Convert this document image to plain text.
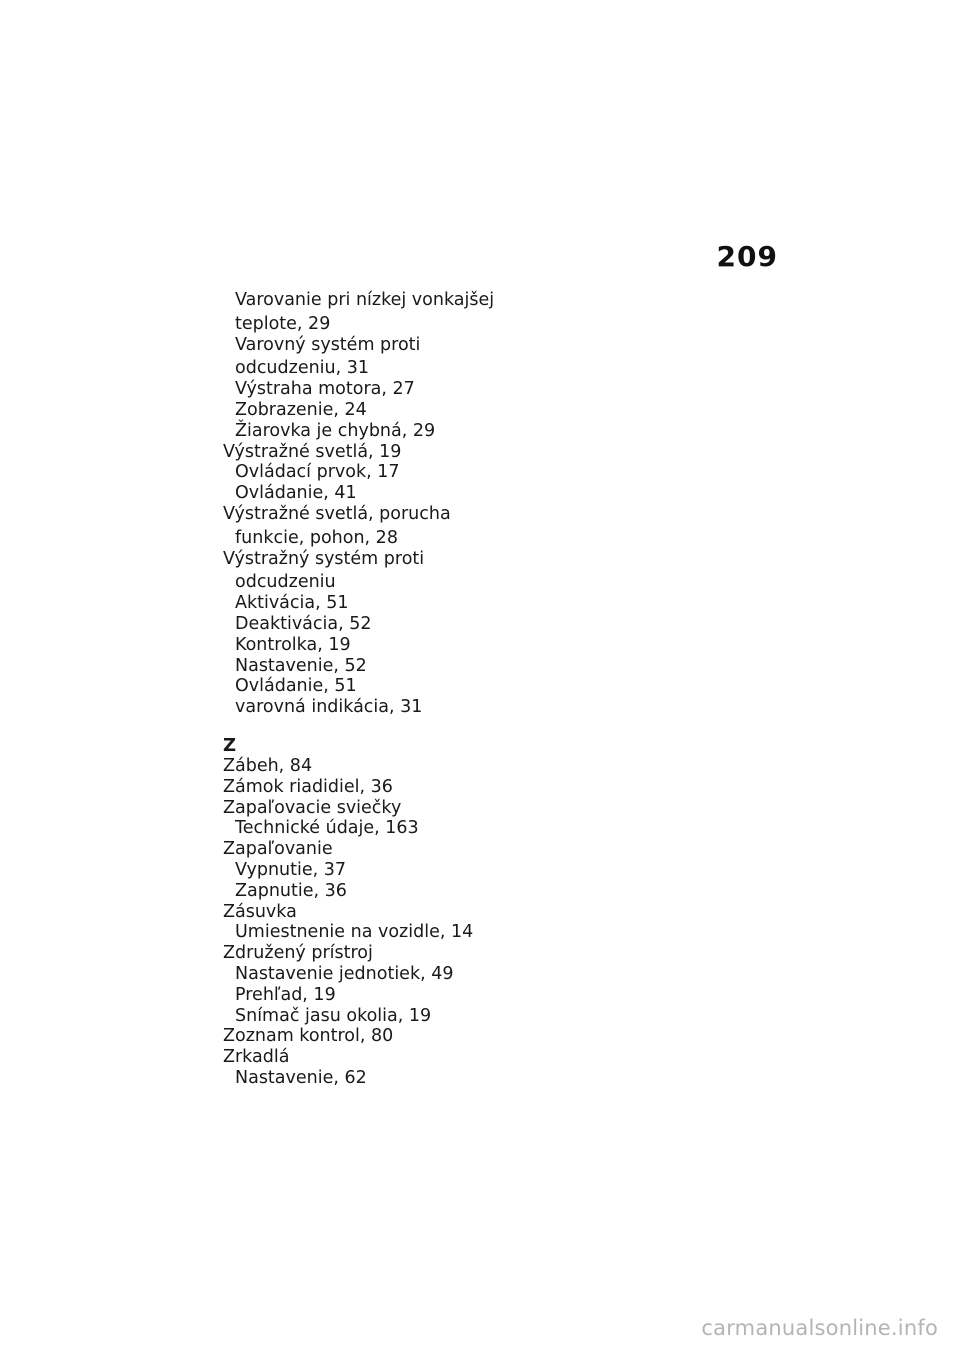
209
Varovanie pri nízkej vonkajšej
teplote, 29
Varovný systém proti
odcudzeniu, 31
Výstraha motora, 27
Zobrazenie, 24
Žiarovka je chybná, 29
Výstražné svetlá, 19
Ovládací prvok, 17
Ovládanie, 41
Výstražné svetlá, porucha
funkcie, pohon, 28
Výstražný systém proti
odcudzeniu
Aktivácia, 51
Deaktivácia, 52
Kontrolka, 19
Nastavenie, 52
Ovládanie, 51
varovná indikácia, 31
Z
Zábeh, 84
Zámok riadidiel, 36
Zapaľovacie sviečky
Technické údaje, 163
Zapaľovanie
Vypnutie, 37
Zapnutie, 36
Zásuvka
Umiestnenie na vozidle, 14
Združený prístroj
Nastavenie jednotiek, 49
Prehľad, 19
Snímač jasu okolia, 19
Zoznam kontrol, 80
Zrkadlá
Nastavenie, 62
carmanualsonline.info
